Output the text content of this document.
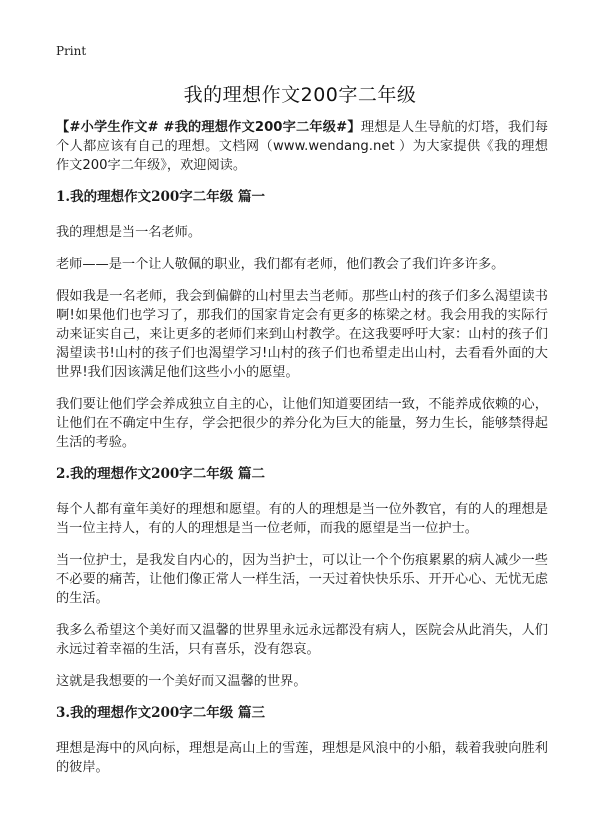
Print
我的理想作文200字二年级

【#小学生作文# #我的理想作文200字二年级#】理想是人生导航的灯塔，我们每个人都应该有自己的理想。文档网（www.wendang.net ）为大家提供《我的理想作文200字二年级》，欢迎阅读。

1.我的理想作文200字二年级 篇一

我的理想是当一名老师。

老师——是一个让人敬佩的职业，我们都有老师，他们教会了我们许多许多。

假如我是一名老师，我会到偏僻的山村里去当老师。那些山村的孩子们多么渴望读书啊!如果他们也学习了，那我们的国家肯定会有更多的栋梁之材。我会用我的实际行动来证实自己，来让更多的老师们来到山村教学。在这我要呼吁大家：山村的孩子们渴望读书!山村的孩子们也渴望学习!山村的孩子们也希望走出山村，去看看外面的大世界!我们因该满足他们这些小小的愿望。

我们要让他们学会养成独立自主的心，让他们知道要团结一致，不能养成依赖的心，让他们在不确定中生存，学会把很少的养分化为巨大的能量，努力生长，能够禁得起生活的考验。

2.我的理想作文200字二年级 篇二

每个人都有童年美好的理想和愿望。有的人的理想是当一位外教官，有的人的理想是当一位主持人，有的人的理想是当一位老师，而我的愿望是当一位护士。

当一位护士，是我发自内心的，因为当护士，可以让一个个伤痕累累的病人减少一些不必要的痛苦，让他们像正常人一样生活，一天过着快快乐乐、开开心心、无忧无虑的生活。

我多么希望这个美好而又温馨的世界里永远永远都没有病人，医院会从此消失，人们永远过着幸福的生活，只有喜乐，没有怨哀。

这就是我想要的一个美好而又温馨的世界。

3.我的理想作文200字二年级 篇三

理想是海中的风向标，理想是高山上的雪莲，理想是风浪中的小船，载着我驶向胜利的彼岸。
